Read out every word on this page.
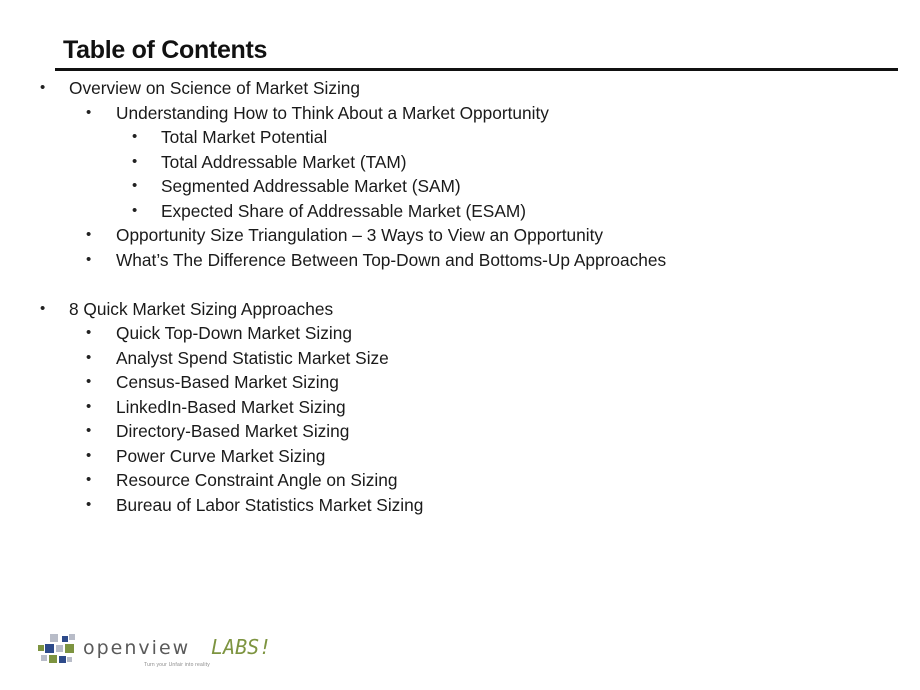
Table of Contents
• Overview on Science of Market Sizing
• Understanding How to Think About a Market Opportunity
• Total Market Potential
• Total Addressable Market (TAM)
• Segmented Addressable Market (SAM)
• Expected Share of Addressable Market (ESAM)
• Opportunity Size Triangulation – 3 Ways to View an Opportunity
• What’s The Difference Between Top-Down and Bottoms-Up Approaches
• 8 Quick Market Sizing Approaches
• Quick Top-Down Market Sizing
• Analyst Spend Statistic Market Size
• Census-Based Market Sizing
• LinkedIn-Based Market Sizing
• Directory-Based Market Sizing
• Power Curve Market Sizing
• Resource Constraint Angle on Sizing
• Bureau of Labor Statistics Market Sizing
openview
Turn your Unfair into reality
LABS!
